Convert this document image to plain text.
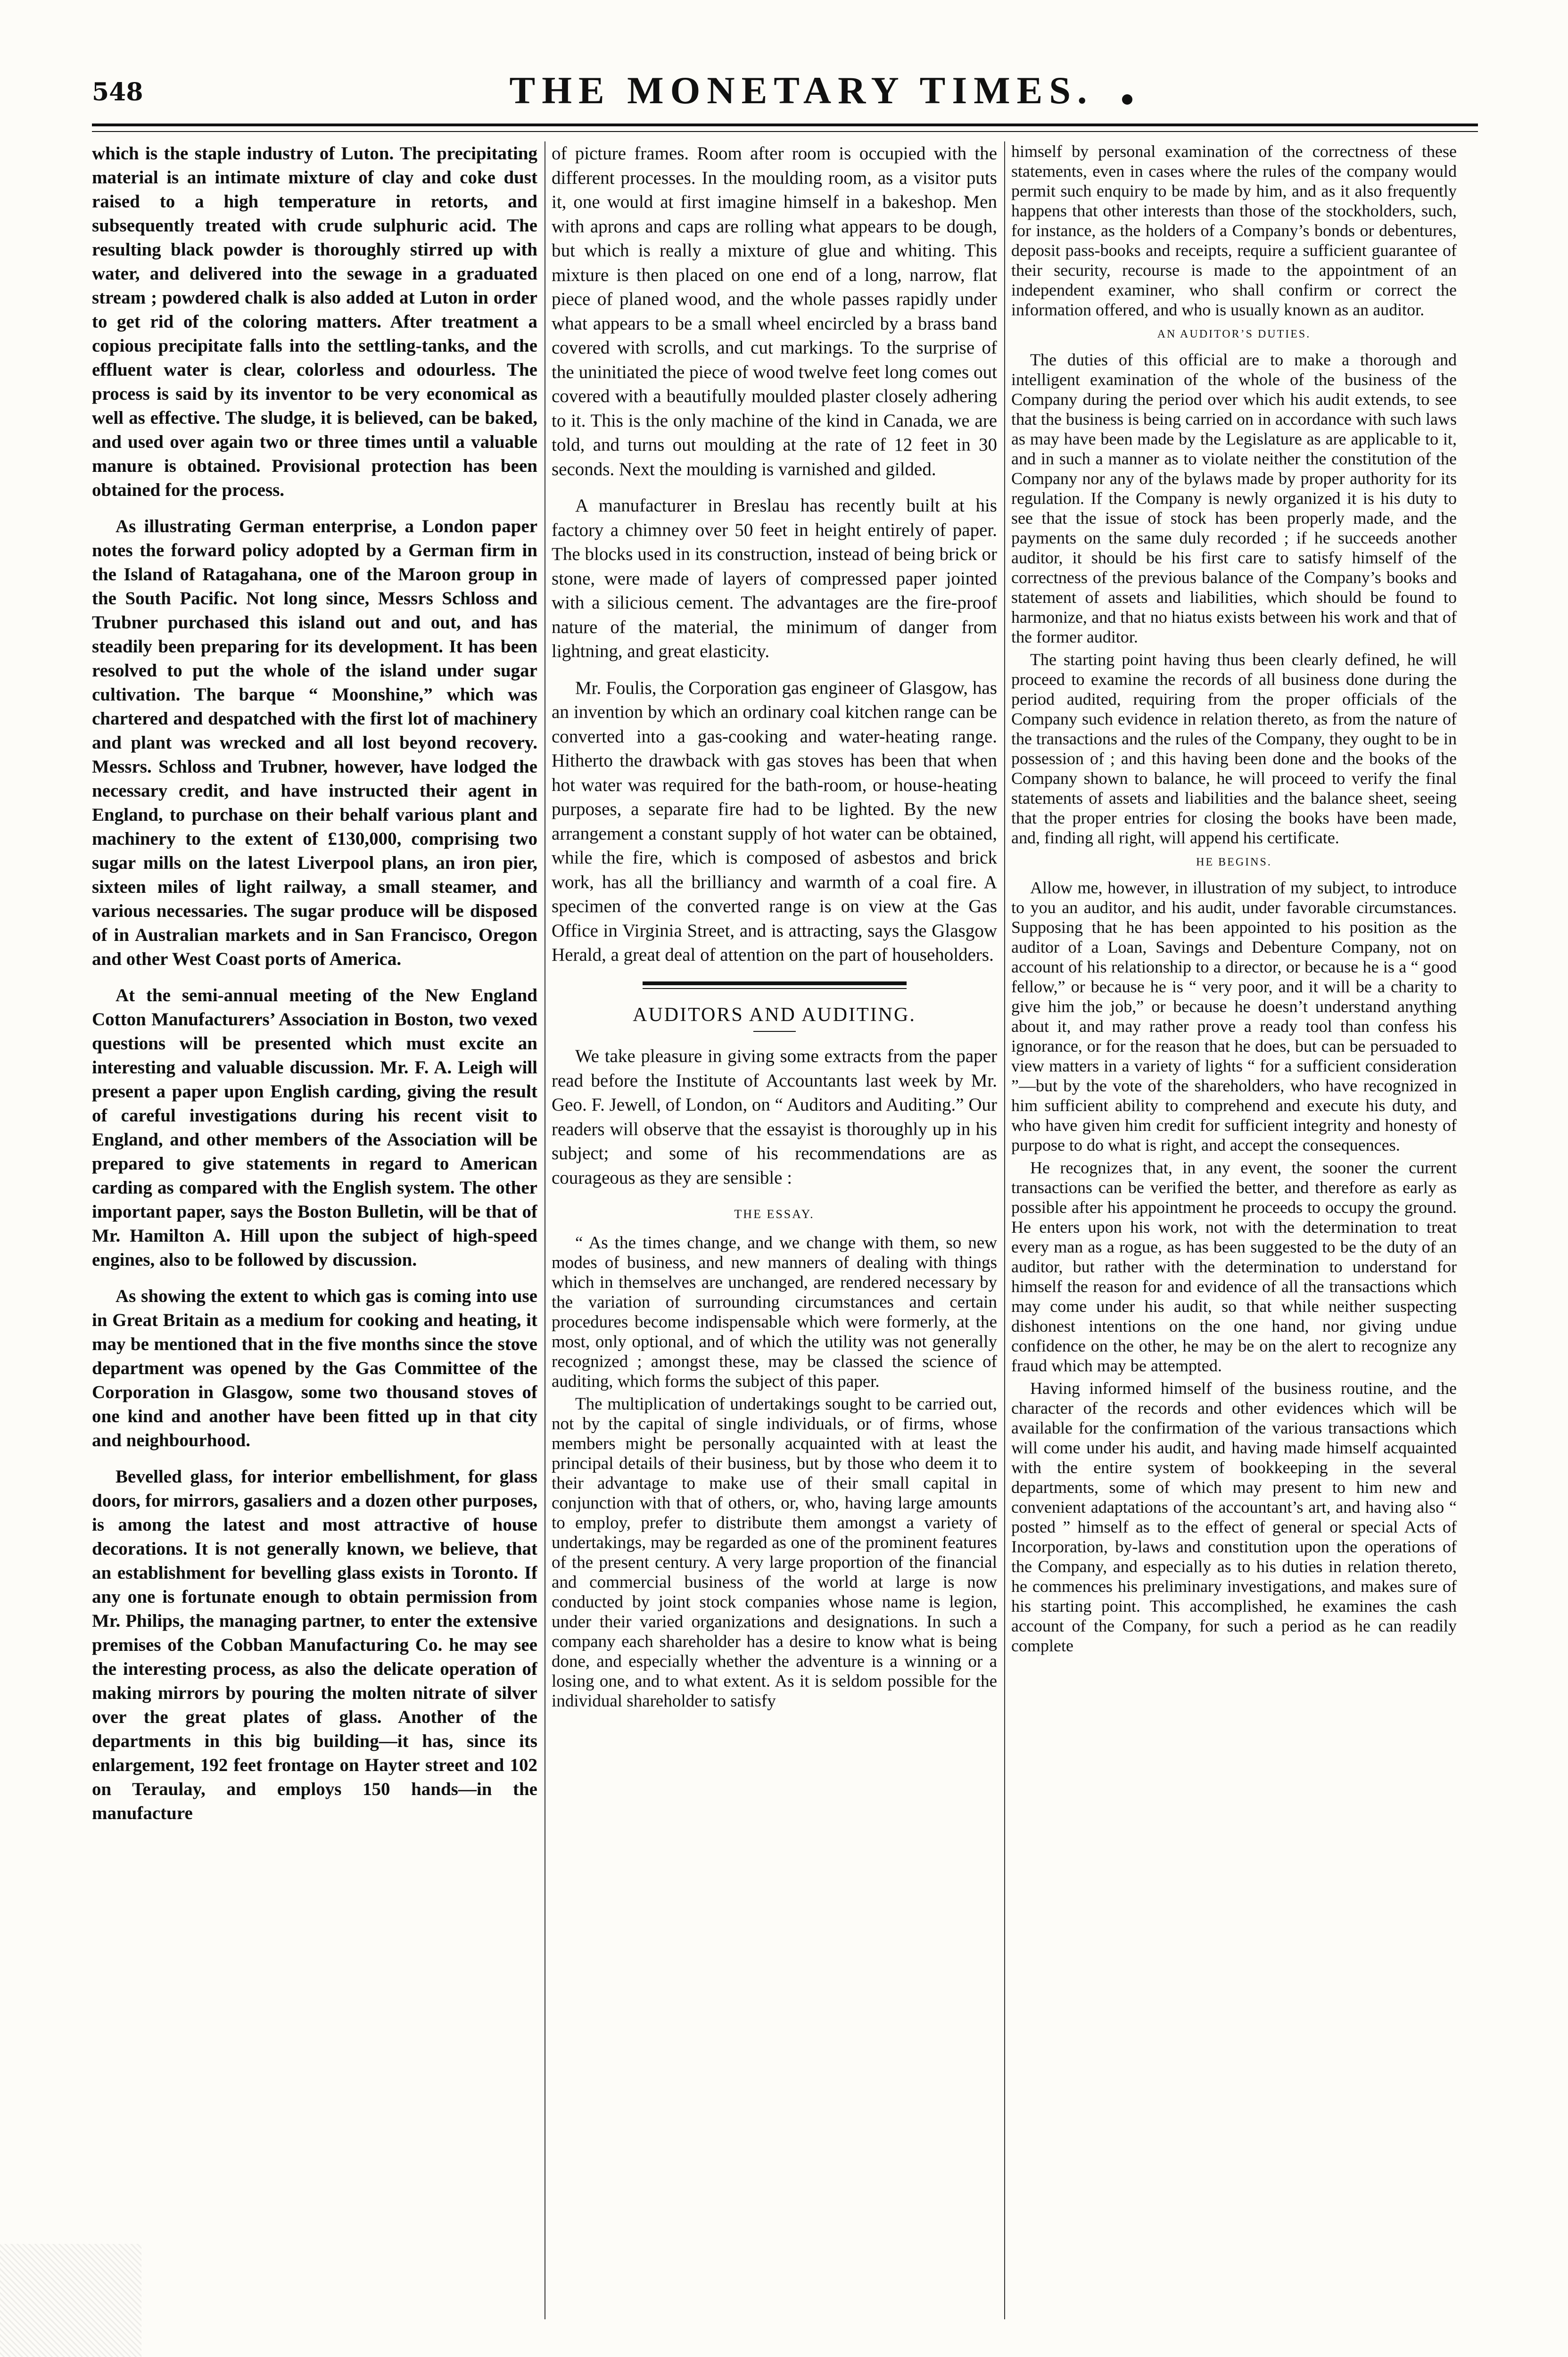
548	THE MONETARY TIMES.

which is the staple industry of Luton. The precipitating material is an intimate mixture of clay and coke dust raised to a high temperature in retorts, and subsequently treated with crude sulphuric acid. The resulting black powder is thoroughly stirred up with water, and delivered into the sewage in a graduated stream ; powdered chalk is also added at Luton in order to get rid of the coloring matters. After treatment a copious precipitate falls into the settling-tanks, and the effluent water is clear, colorless and odourless. The process is said by its inventor to be very economical as well as effective. The sludge, it is believed, can be baked, and used over again two or three times until a valuable manure is obtained. Provisional protection has been obtained for the process.

As illustrating German enterprise, a London paper notes the forward policy adopted by a German firm in the Island of Ratagahana, one of the Maroon group in the South Pacific. Not long since, Messrs Schloss and Trubner purchased this island out and out, and has steadily been preparing for its development. It has been resolved to put the whole of the island under sugar cultivation. The barque “ Moonshine,” which was chartered and despatched with the first lot of machinery and plant was wrecked and all lost beyond recovery. Messrs. Schloss and Trubner, however, have lodged the necessary credit, and have instructed their agent in England, to purchase on their behalf various plant and machinery to the extent of £130,000, comprising two sugar mills on the latest Liverpool plans, an iron pier, sixteen miles of light railway, a small steamer, and various necessaries. The sugar produce will be disposed of in Australian markets and in San Francisco, Oregon and other West Coast ports of America.

At the semi-annual meeting of the New England Cotton Manufacturers’ Association in Boston, two vexed questions will be presented which must excite an interesting and valuable discussion. Mr. F. A. Leigh will present a paper upon English carding, giving the result of careful investigations during his recent visit to England, and other members of the Association will be prepared to give statements in regard to American carding as compared with the English system. The other important paper, says the Boston Bulletin, will be that of Mr. Hamilton A. Hill upon the subject of high-speed engines, also to be followed by discussion.

As showing the extent to which gas is coming into use in Great Britain as a medium for cooking and heating, it may be mentioned that in the five months since the stove department was opened by the Gas Committee of the Corporation in Glasgow, some two thousand stoves of one kind and another have been fitted up in that city and neighbourhood.

Bevelled glass, for interior embellishment, for glass doors, for mirrors, gasaliers and a dozen other purposes, is among the latest and most attractive of house decorations. It is not generally known, we believe, that an establishment for bevelling glass exists in Toronto. If any one is fortunate enough to obtain permission from Mr. Philips, the managing partner, to enter the extensive premises of the Cobban Manufacturing Co. he may see the interesting process, as also the delicate operation of making mirrors by pouring the molten nitrate of silver over the great plates of glass. Another of the departments in this big building—it has, since its enlargement, 192 feet frontage on Hayter street and 102 on Teraulay, and employs 150 hands—in the manufacture

of picture frames. Room after room is occupied with the different processes. In the moulding room, as a visitor puts it, one would at first imagine himself in a bakeshop. Men with aprons and caps are rolling what appears to be dough, but which is really a mixture of glue and whiting. This mixture is then placed on one end of a long, narrow, flat piece of planed wood, and the whole passes rapidly under what appears to be a small wheel encircled by a brass band covered with scrolls, and cut markings. To the surprise of the uninitiated the piece of wood twelve feet long comes out covered with a beautifully moulded plaster closely adhering to it. This is the only machine of the kind in Canada, we are told, and turns out moulding at the rate of 12 feet in 30 seconds. Next the moulding is varnished and gilded.

A manufacturer in Breslau has recently built at his factory a chimney over 50 feet in height entirely of paper. The blocks used in its construction, instead of being brick or stone, were made of layers of compressed paper jointed with a silicious cement. The advantages are the fire-proof nature of the material, the minimum of danger from lightning, and great elasticity.

Mr. Foulis, the Corporation gas engineer of Glasgow, has an invention by which an ordinary coal kitchen range can be converted into a gas-cooking and water-heating range. Hitherto the drawback with gas stoves has been that when hot water was required for the bath-room, or house-heating purposes, a separate fire had to be lighted. By the new arrangement a constant supply of hot water can be obtained, while the fire, which is composed of asbestos and brick work, has all the brilliancy and warmth of a coal fire. A specimen of the converted range is on view at the Gas Office in Virginia Street, and is attracting, says the Glasgow Herald, a great deal of attention on the part of householders.

AUDITORS AND AUDITING.

We take pleasure in giving some extracts from the paper read before the Institute of Accountants last week by Mr. Geo. F. Jewell, of London, on “ Auditors and Auditing.” Our readers will observe that the essayist is thoroughly up in his subject; and some of his recommendations are as courageous as they are sensible :

THE ESSAY.

“ As the times change, and we change with them, so new modes of business, and new manners of dealing with things which in themselves are unchanged, are rendered necessary by the variation of surrounding circumstances and certain procedures become indispensable which were formerly, at the most, only optional, and of which the utility was not generally recognized ; amongst these, may be classed the science of auditing, which forms the subject of this paper.

The multiplication of undertakings sought to be carried out, not by the capital of single individuals, or of firms, whose members might be personally acquainted with at least the principal details of their business, but by those who deem it to their advantage to make use of their small capital in conjunction with that of others, or, who, having large amounts to employ, prefer to distribute them amongst a variety of undertakings, may be regarded as one of the prominent features of the present century. A very large proportion of the financial and commercial business of the world at large is now conducted by joint stock companies whose name is legion, under their varied organizations and designations. In such a company each shareholder has a desire to know what is being done, and especially whether the adventure is a winning or a losing one, and to what extent. As it is seldom possible for the individual shareholder to satisfy

himself by personal examination of the correctness of these statements, even in cases where the rules of the company would permit such enquiry to be made by him, and as it also frequently happens that other interests than those of the stockholders, such, for instance, as the holders of a Company’s bonds or debentures, deposit pass-books and receipts, require a sufficient guarantee of their security, recourse is made to the appointment of an independent examiner, who shall confirm or correct the information offered, and who is usually known as an auditor.

AN AUDITOR’S DUTIES.

The duties of this official are to make a thorough and intelligent examination of the whole of the business of the Company during the period over which his audit extends, to see that the business is being carried on in accordance with such laws as may have been made by the Legislature as are applicable to it, and in such a manner as to violate neither the constitution of the Company nor any of the bylaws made by proper authority for its regulation. If the Company is newly organized it is his duty to see that the issue of stock has been properly made, and the payments on the same duly recorded ; if he succeeds another auditor, it should be his first care to satisfy himself of the correctness of the previous balance of the Company’s books and statement of assets and liabilities, which should be found to harmonize, and that no hiatus exists between his work and that of the former auditor.

The starting point having thus been clearly defined, he will proceed to examine the records of all business done during the period audited, requiring from the proper officials of the Company such evidence in relation thereto, as from the nature of the transactions and the rules of the Company, they ought to be in possession of ; and this having been done and the books of the Company shown to balance, he will proceed to verify the final statements of assets and liabilities and the balance sheet, seeing that the proper entries for closing the books have been made, and, finding all right, will append his certificate.

HE BEGINS.

Allow me, however, in illustration of my subject, to introduce to you an auditor, and his audit, under favorable circumstances. Supposing that he has been appointed to his position as the auditor of a Loan, Savings and Debenture Company, not on account of his relationship to a director, or because he is a “ good fellow,” or because he is “ very poor, and it will be a charity to give him the job,” or because he doesn’t understand anything about it, and may rather prove a ready tool than confess his ignorance, or for the reason that he does, but can be persuaded to view matters in a variety of lights “ for a sufficient consideration ”—but by the vote of the shareholders, who have recognized in him sufficient ability to comprehend and execute his duty, and who have given him credit for sufficient integrity and honesty of purpose to do what is right, and accept the consequences.

He recognizes that, in any event, the sooner the current transactions can be verified the better, and therefore as early as possible after his appointment he proceeds to occupy the ground. He enters upon his work, not with the determination to treat every man as a rogue, as has been suggested to be the duty of an auditor, but rather with the determination to understand for himself the reason for and evidence of all the transactions which may come under his audit, so that while neither suspecting dishonest intentions on the one hand, nor giving undue confidence on the other, he may be on the alert to recognize any fraud which may be attempted.

Having informed himself of the business routine, and the character of the records and other evidences which will be available for the confirmation of the various transactions which will come under his audit, and having made himself acquainted with the entire system of bookkeeping in the several departments, some of which may present to him new and convenient adaptations of the accountant’s art, and having also “ posted ” himself as to the effect of general or special Acts of Incorporation, by-laws and constitution upon the operations of the Company, and especially as to his duties in relation thereto, he commences his preliminary investigations, and makes sure of his starting point. This accomplished, he examines the cash account of the Company, for such a period as he can readily complete
